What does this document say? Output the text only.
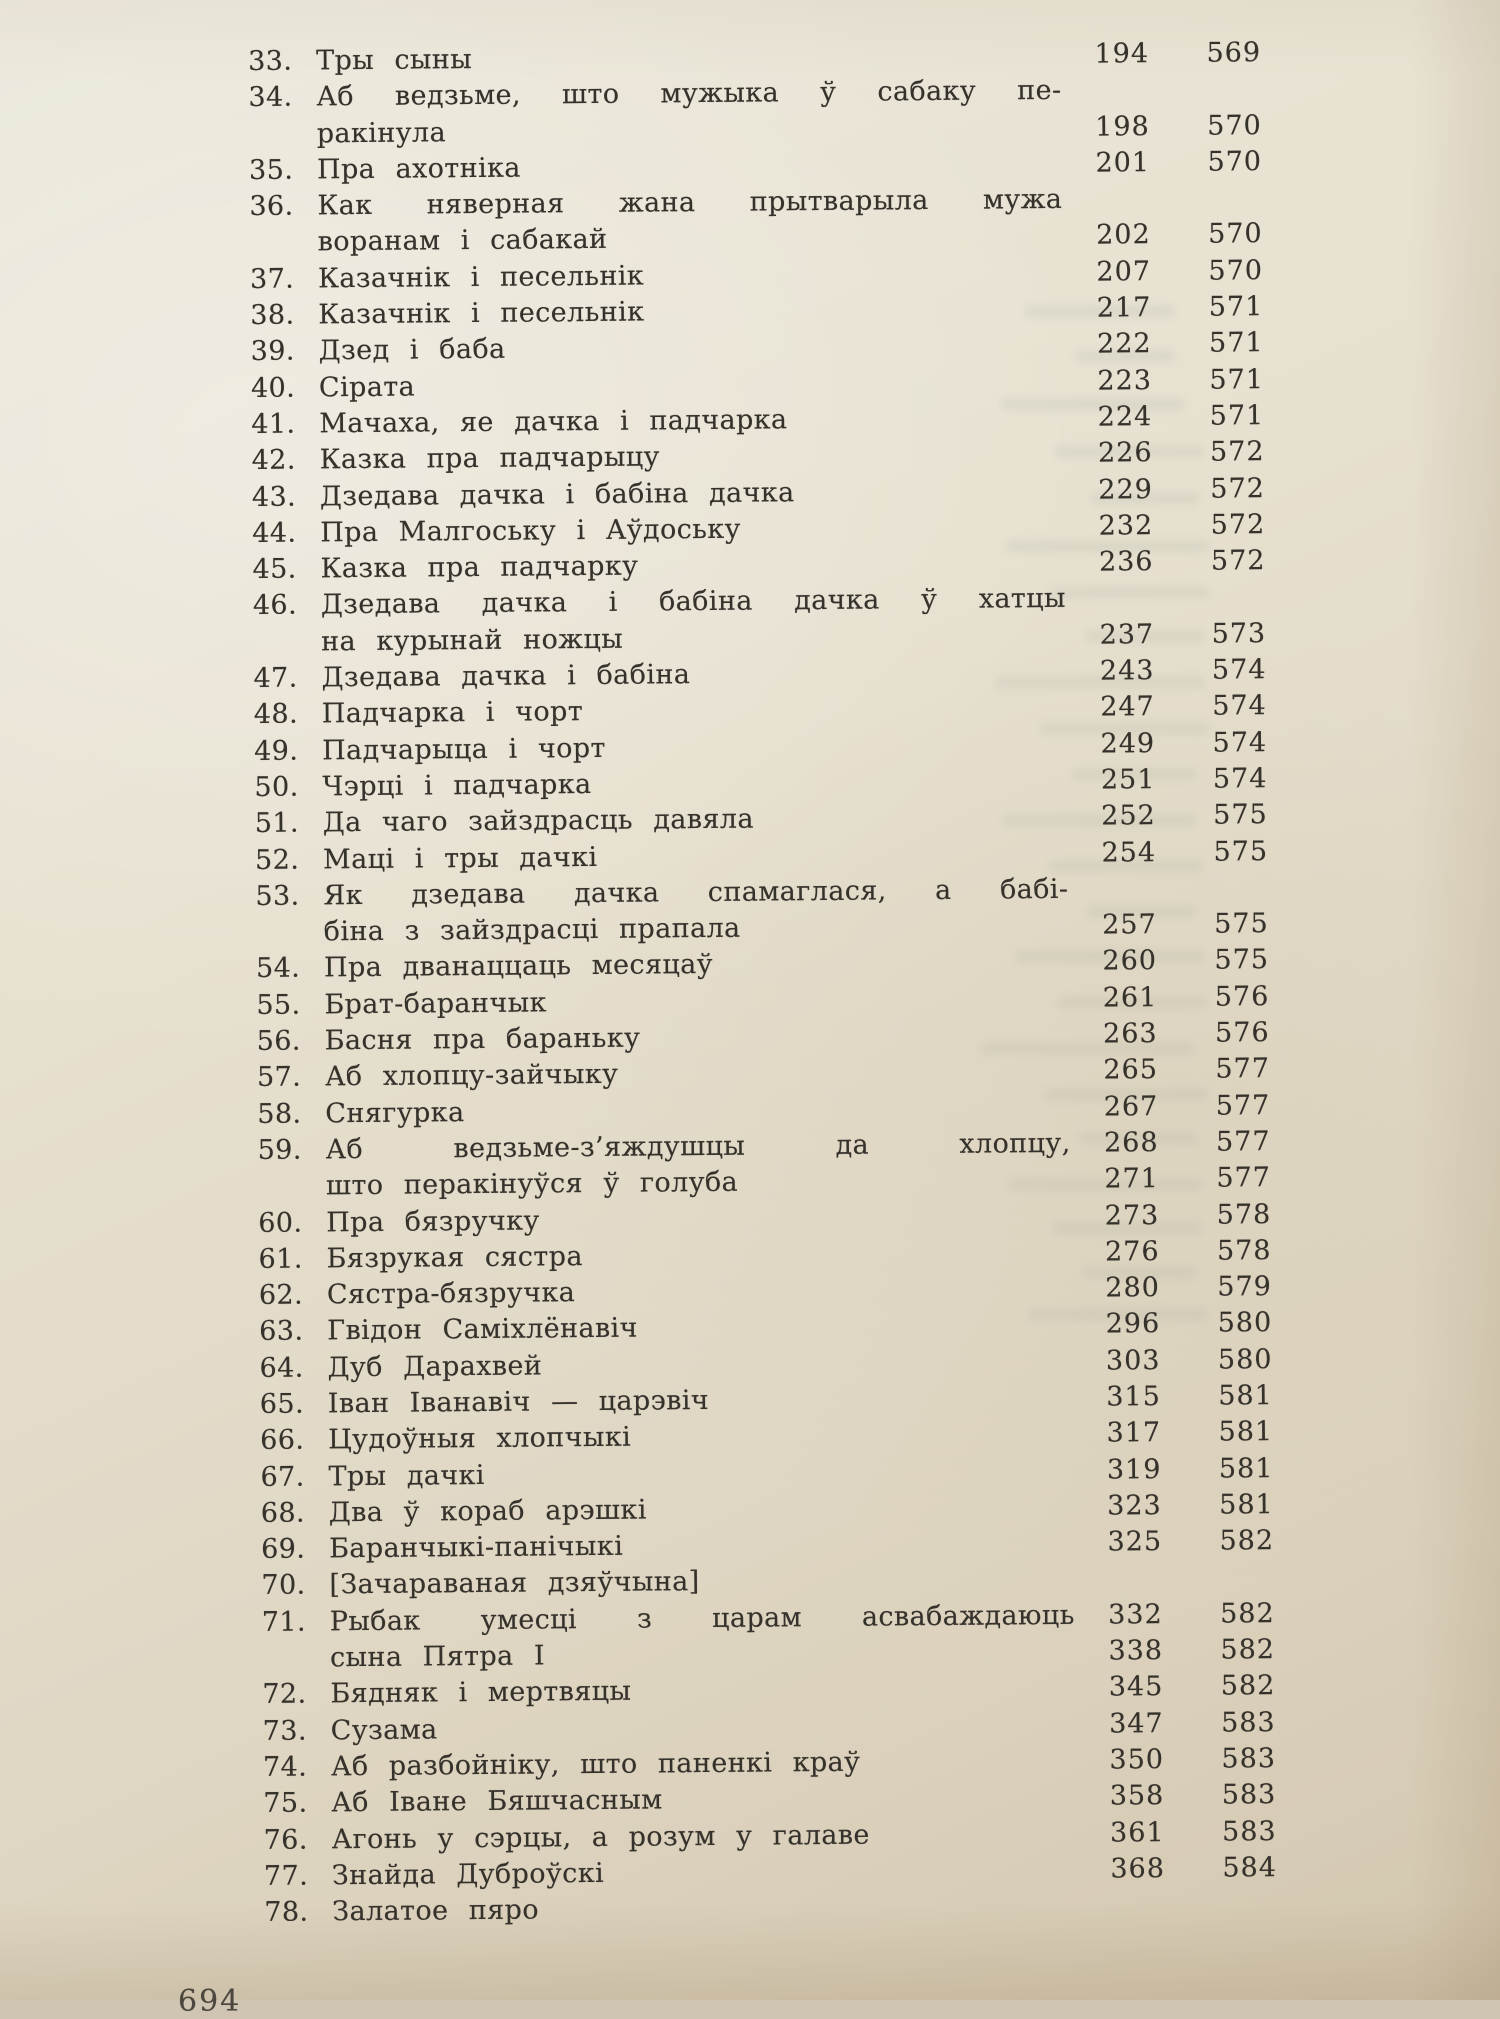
33. Тры сыны	194	569
34. Аб ведзьме, што мужыка ў сабаку пе-
ракінула	198	570
35. Пра ахотніка	201	570
36. Как няверная жана прытварыла мужа
воранам і сабакай	202	570
37. Казачнік і песельнік	207	570
38. Казачнік і песельнік	217	571
39. Дзед і баба	222	571
40. Сірата	223	571
41. Мачаха, яе дачка і падчарка	224	571
42. Казка пра падчарыцу	226	572
43. Дзедава дачка і бабіна дачка	229	572
44. Пра Малгоську і Аўдоську	232	572
45. Казка пра падчарку	236	572
46. Дзедава дачка і бабіна дачка ў хатцы
на курынай ножцы	237	573
47. Дзедава дачка і бабіна	243	574
48. Падчарка і чорт	247	574
49. Падчарыца і чорт	249	574
50. Чэрці і падчарка	251	574
51. Да чаго зайздрасць давяла	252	575
52. Маці і тры дачкі	254	575
53. Як дзедава дачка спамаглася, а бабі-
біна з зайздрасці прапала	257	575
54. Пра дванаццаць месяцаў	260	575
55. Брат-баранчык	261	576
56. Басня пра бараньку	263	576
57. Аб хлопцу-зайчыку	265	577
58. Снягурка	267	577
59. Аб ведзьме-з’яждушцы да хлопцу,	268	577
што перакінуўся ў голуба	271	577
60. Пра бязручку	273	578
61. Бязрукая сястра	276	578
62. Сястра-бязручка	280	579
63. Гвідон Саміхлёнавіч	296	580
64. Дуб Дарахвей	303	580
65. Іван Іванавіч — царэвіч	315	581
66. Цудоўныя хлопчыкі	317	581
67. Тры дачкі	319	581
68. Два ў кораб арэшкі	323	581
69. Баранчыкі-панічыкі	325	582
70. [Зачараваная дзяўчына]
71. Рыбак умесці з царам асвабаждаюць	332	582
сына Пятра I	338	582
72. Бядняк і мертвяцы	345	582
73. Сузама	347	583
74. Аб разбойніку, што паненкі краў	350	583
75. Аб Іване Бяшчасным	358	583
76. Агонь у сэрцы, а розум у галаве	361	583
77. Знайда Дуброўскі	368	584
78. Залатое пяро
694
